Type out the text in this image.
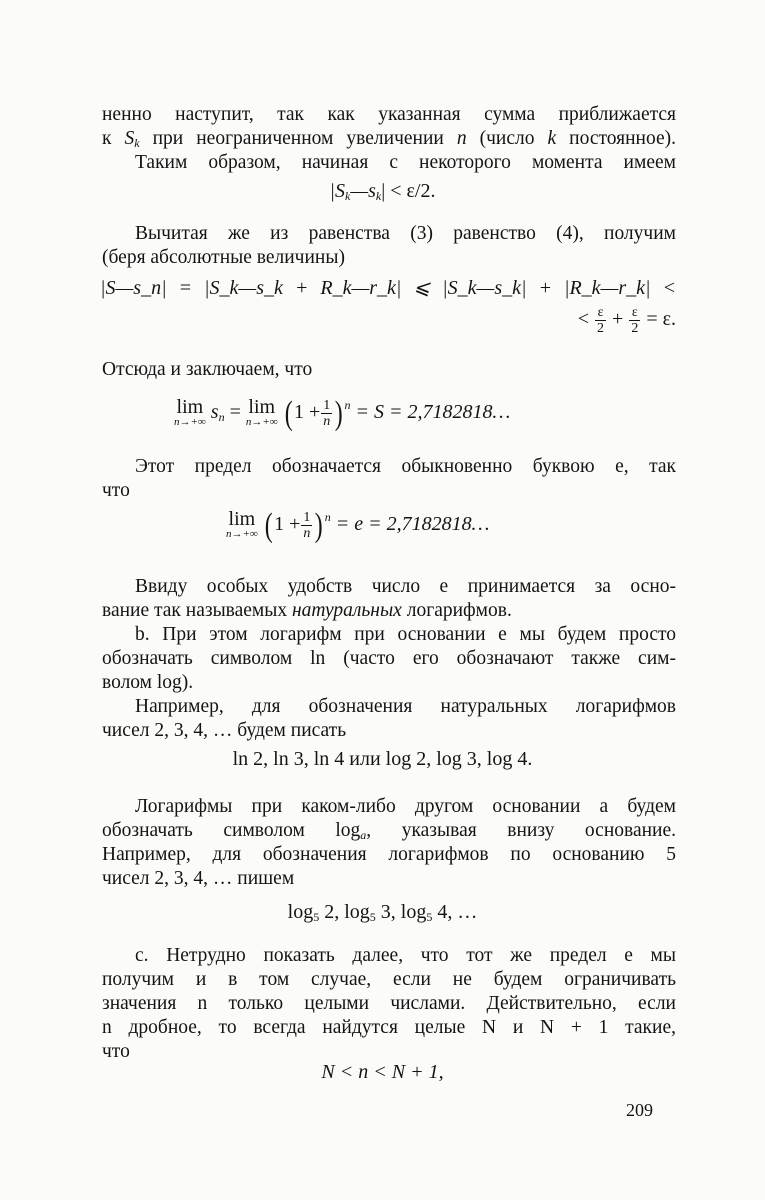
ненно наступит, так как указанная сумма приближается
к $S_k$ при неограниченном увеличении n (число k постоянное).
Таким образом, начиная с некоторого момента имеем
$|S_k—s_k| < \varepsilon/2$.
Вычитая же из равенства (3) равенство (4), получим
(беря абсолютные величины)
|S—s_n| = |S_k—s_k + R_k—r_k| ⩽ |S_k—s_k| + |R_k—r_k| <
< $\frac{\varepsilon}{2} + \frac{\varepsilon}{2} = \varepsilon$.
Отсюда и заключаем, что
lim
n→+∞ $s_n = \lim$
n→+∞ ($1 + \frac{1}{n}$ ) $^n$ = S = 2,7182818…
Этот предел обозначается обыкновенно буквою e, так
что
lim
n→+∞ ($1 + \frac{1}{n}$ ) $^n$ = e = 2,7182818…
Ввиду особых удобств число e принимается за осно-
вание так называемых натуральных логарифмов.
b. При этом логарифм при основании e мы будем просто
обозначать символом ln (часто его обозначают также сим-
волом log).
Например, для обозначения натуральных логарифмов
чисел 2, 3, 4, … будем писать
ln 2, ln 3, ln 4 или log 2, log 3, log 4.
Логарифмы при каком-либо другом основании a будем
обозначать символом $\log_a$, указывая внизу основание.
Например, для обозначения логарифмов по основанию 5
чисел 2, 3, 4, … пишем
$\log_5 2$, $\log_5 3$, $\log_5 4$, …
c. Нетрудно показать далее, что тот же предел e мы
получим и в том случае, если не будем ограничивать
значения n только целыми числами. Действительно, если
n дробное, то всегда найдутся целые N и N + 1 такие,
что
N < n < N + 1,
209
